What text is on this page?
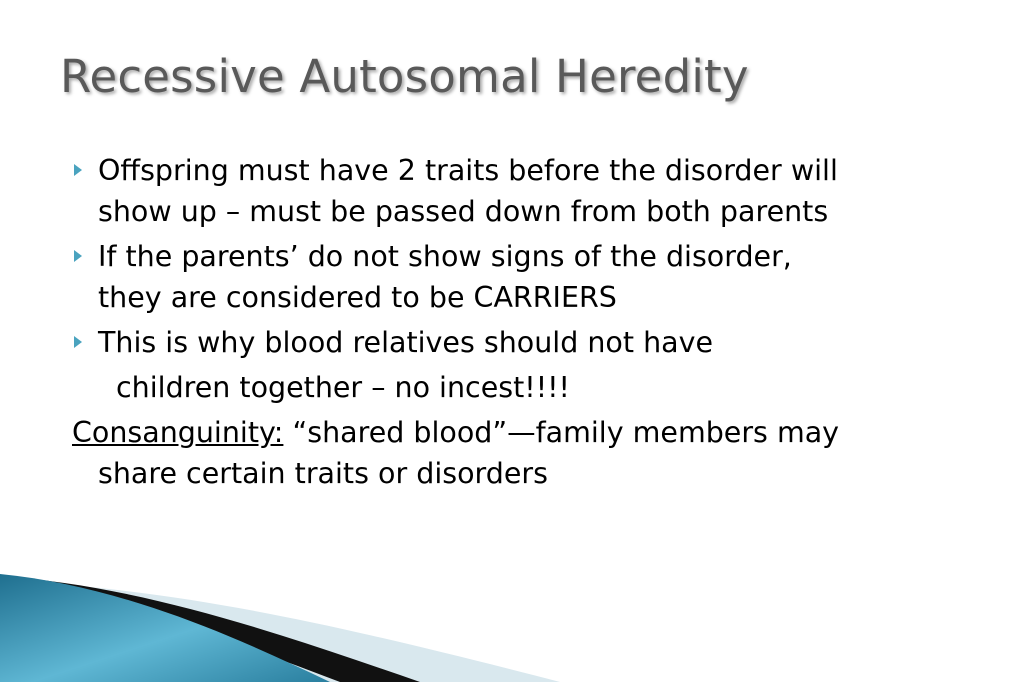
Recessive Autosomal Heredity
Offspring must have 2 traits before the disorder will
show up – must be passed down from both parents
If the parents’ do not show signs of the disorder,
they are considered to be CARRIERS
This is why blood relatives should not have
children together – no incest!!!!
Consanguinity: “shared blood”—family members may
share certain traits or disorders
